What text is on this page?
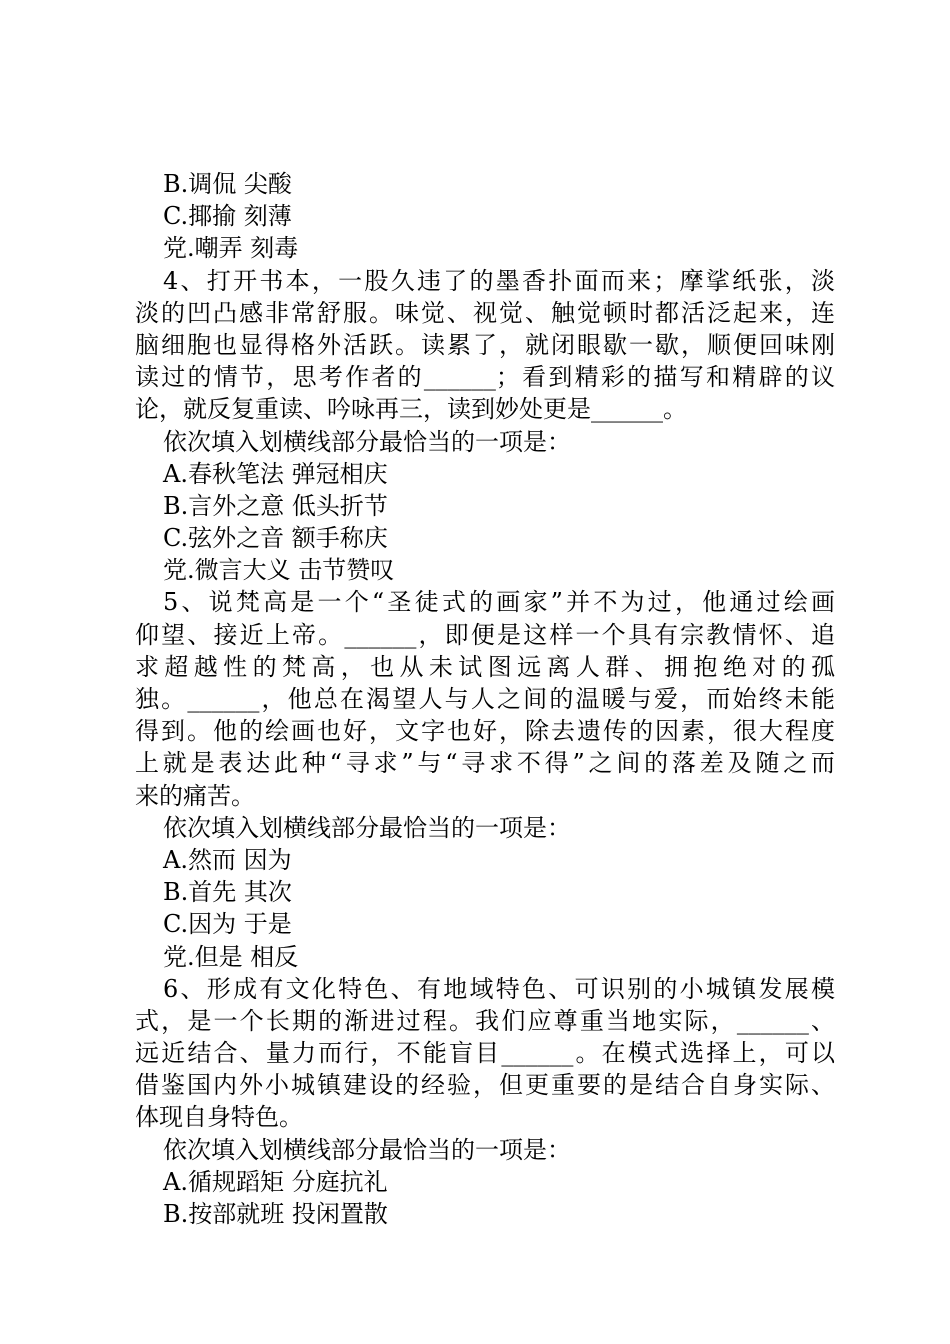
B.调侃 尖酸
C.揶揄 刻薄
党.嘲弄 刻毒
4、打开书本，一股久违了的墨香扑面而来；摩挲纸张，淡
淡的凹凸感非常舒服。味觉、视觉、触觉顿时都活泛起来，连
脑细胞也显得格外活跃。读累了，就闭眼歇一歇，顺便回味刚
读过的情节，思考作者的______；看到精彩的描写和精辟的议
论，就反复重读、吟咏再三，读到妙处更是______。
依次填入划横线部分最恰当的一项是：
A.春秋笔法 弹冠相庆
B.言外之意 低头折节
C.弦外之音 额手称庆
党.微言大义 击节赞叹
5、说梵高是一个“圣徒式的画家”并不为过，他通过绘画
仰望、接近上帝。______，即便是这样一个具有宗教情怀、追
求超越性的梵高，也从未试图远离人群、拥抱绝对的孤
独。______，他总在渴望人与人之间的温暖与爱，而始终未能
得到。他的绘画也好，文字也好，除去遗传的因素，很大程度
上就是表达此种“寻求”与“寻求不得”之间的落差及随之而
来的痛苦。
依次填入划横线部分最恰当的一项是：
A.然而 因为
B.首先 其次
C.因为 于是
党.但是 相反
6、形成有文化特色、有地域特色、可识别的小城镇发展模
式，是一个长期的渐进过程。我们应尊重当地实际，______、
远近结合、量力而行，不能盲目______。在模式选择上，可以
借鉴国内外小城镇建设的经验，但更重要的是结合自身实际、
体现自身特色。
依次填入划横线部分最恰当的一项是：
A.循规蹈矩 分庭抗礼
B.按部就班 投闲置散
